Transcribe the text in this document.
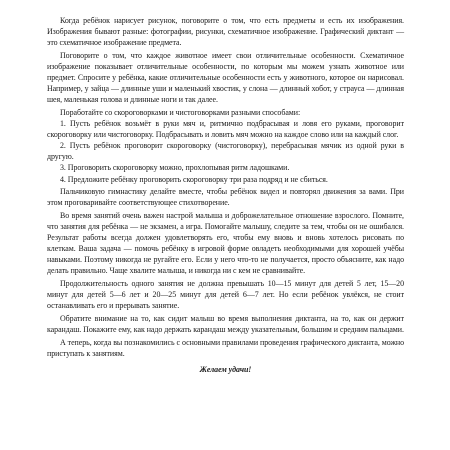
Когда ребёнок нарисует рисунок, поговорите о том, что есть предметы и есть их изображения. Изображения бывают разные: фотографии, рисунки, схематичное изображение. Графический диктант — это схематичное изображение предмета.

Поговорите о том, что каждое животное имеет свои отличительные особенности. Схематичное изображение показывает отличительные особенности, по которым мы можем узнать животное или предмет. Спросите у ребёнка, какие отличительные особенности есть у животного, которое он нарисовал. Например, у зайца — длинные уши и маленький хвостик, у слона — длинный хобот, у страуса — длинная шея, маленькая голова и длинные ноги и так далее.

Поработайте со скороговорками и чистоговорками разными способами:

1. Пусть ребёнок возьмёт в руки мяч и, ритмично подбрасывая и ловя его руками, проговорит скороговорку или чистоговорку. Подбрасывать и ловить мяч можно на каждое слово или на каждый слог.

2. Пусть ребёнок проговорит скороговорку (чистоговорку), перебрасывая мячик из одной руки в другую.

3. Проговорить скороговорку можно, прохлопывая ритм ладошками.

4. Предложите ребёнку проговорить скороговорку три раза подряд и не сбиться.

Пальчиковую гимнастику делайте вместе, чтобы ребёнок видел и повторял движения за вами. При этом проговаривайте соответствующее стихотворение.

Во время занятий очень важен настрой малыша и доброжелательное отношение взрослого. Помните, что занятия для ребёнка — не экзамен, а игра. Помогайте малышу, следите за тем, чтобы он не ошибался. Результат работы всегда должен удовлетворять его, чтобы ему вновь и вновь хотелось рисовать по клеткам. Ваша задача — помочь ребёнку в игровой форме овладеть необходимыми для хорошей учёбы навыками. Поэтому никогда не ругайте его. Если у него что-то не получается, просто объясните, как надо делать правильно. Чаще хвалите малыша, и никогда ни с кем не сравнивайте.

Продолжительность одного занятия не должна превышать 10—15 минут для детей 5 лет, 15—20 минут для детей 5—6 лет и 20—25 минут для детей 6—7 лет. Но если ребёнок увлёкся, не стоит останавливать его и прерывать занятие.

Обратите внимание на то, как сидит малыш во время выполнения диктанта, на то, как он держит карандаш. Покажите ему, как надо держать карандаш между указательным, большим и средним пальцами.

А теперь, когда вы познакомились с основными правилами проведения графического диктанта, можно приступать к занятиям.

Желаем удачи!
